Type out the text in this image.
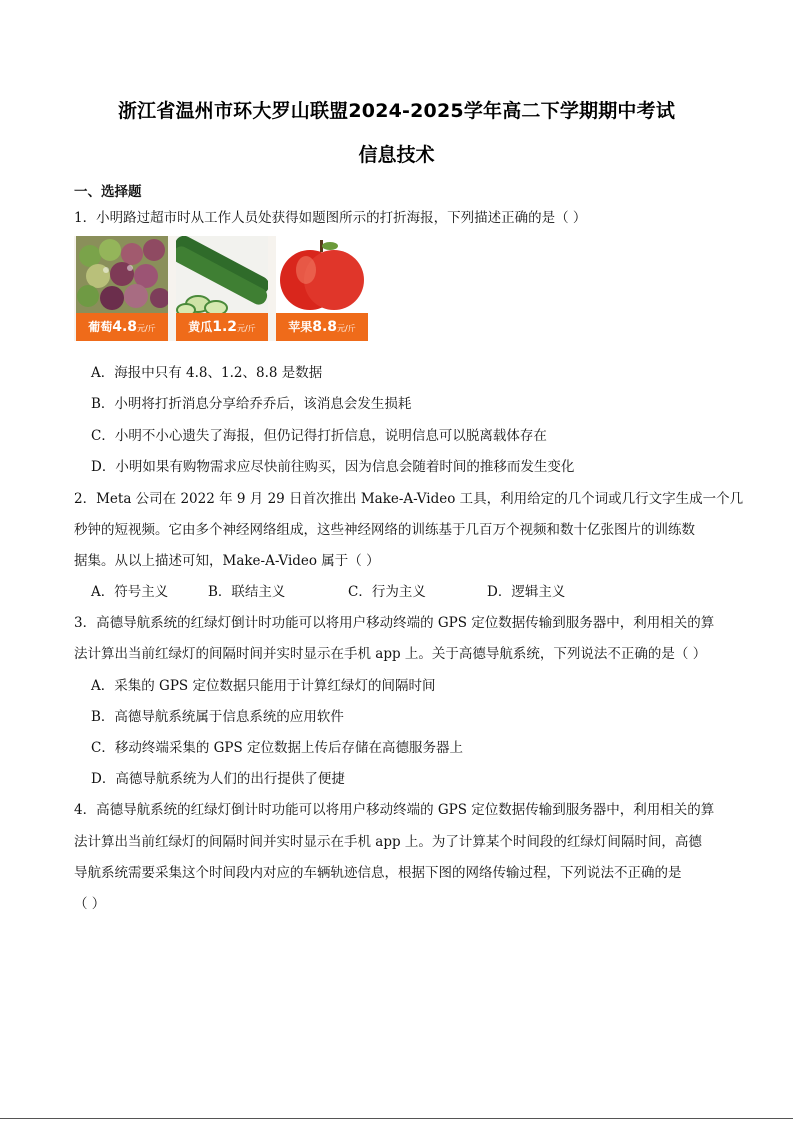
浙江省温州市环大罗山联盟2024-2025学年高二下学期期中考试
信息技术
一、选择题
1．小明路过超市时从工作人员处获得如题图所示的打折海报，下列描述正确的是（ ）
葡萄4.8元/斤	黄瓜1.2元/斤	苹果8.8元/斤
A．海报中只有 4.8、1.2、8.8 是数据
B．小明将打折消息分享给乔乔后，该消息会发生损耗
C．小明不小心遗失了海报，但仍记得打折信息，说明信息可以脱离载体存在
D．小明如果有购物需求应尽快前往购买，因为信息会随着时间的推移而发生变化
2．Meta 公司在 2022 年 9 月 29 日首次推出 Make-A-Video 工具，利用给定的几个词或几行文字生成一个几
秒钟的短视频。它由多个神经网络组成，这些神经网络的训练基于几百万个视频和数十亿张图片的训练数
据集。从以上描述可知，Make-A-Video 属于（ ）
A．符号主义	B．联结主义	C．行为主义	D．逻辑主义
3．高德导航系统的红绿灯倒计时功能可以将用户移动终端的 GPS 定位数据传输到服务器中，利用相关的算
法计算出当前红绿灯的间隔时间并实时显示在手机 app 上。关于高德导航系统，下列说法不正确的是（ ）
A．采集的 GPS 定位数据只能用于计算红绿灯的间隔时间
B．高德导航系统属于信息系统的应用软件
C．移动终端采集的 GPS 定位数据上传后存储在高德服务器上
D．高德导航系统为人们的出行提供了便捷
4．高德导航系统的红绿灯倒计时功能可以将用户移动终端的 GPS 定位数据传输到服务器中，利用相关的算
法计算出当前红绿灯的间隔时间并实时显示在手机 app 上。为了计算某个时间段的红绿灯间隔时间，高德
导航系统需要采集这个时间段内对应的车辆轨迹信息，根据下图的网络传输过程，下列说法不正确的是
（ ）
